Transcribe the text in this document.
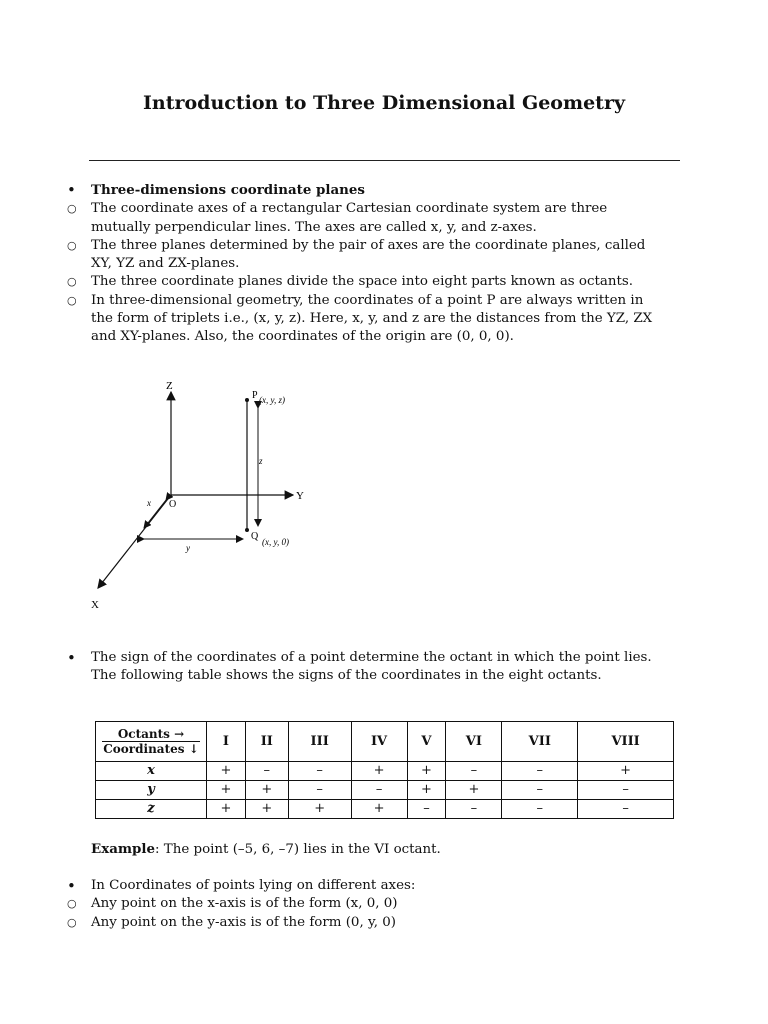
Introduction to Three Dimensional Geometry
•	Three-dimensions coordinate planes
○	The coordinate axes of a rectangular Cartesian coordinate system are three mutually perpendicular lines. The axes are called x, y, and z-axes.
○	The three planes determined by the pair of axes are the coordinate planes, called XY, YZ and ZX-planes.
○	The three coordinate planes divide the space into eight parts known as octants.
○	In three-dimensional geometry, the coordinates of a point P are always written in the form of triplets i.e., (x, y, z). Here, x, y, and z are the distances from the YZ, ZX and XY-planes. Also, the coordinates of the origin are (0, 0, 0).
Z
Y
X
O
P (x, y, z)
z
Q (x, y, 0)
y
x
•	The sign of the coordinates of a point determine the octant in which the point lies. The following table shows the signs of the coordinates in the eight octants.
Octants →
Coordinates ↓	I	II	III	IV	V	VI	VII	VIII
x	+	–	–	+	+	–	–	+
y	+	+	–	–	+	+	–	–
z	+	+	+	+	–	–	–	–
Example: The point (–5, 6, –7) lies in the VI octant.
•	In Coordinates of points lying on different axes:
○	Any point on the x-axis is of the form (x, 0, 0)
○	Any point on the y-axis is of the form (0, y, 0)
